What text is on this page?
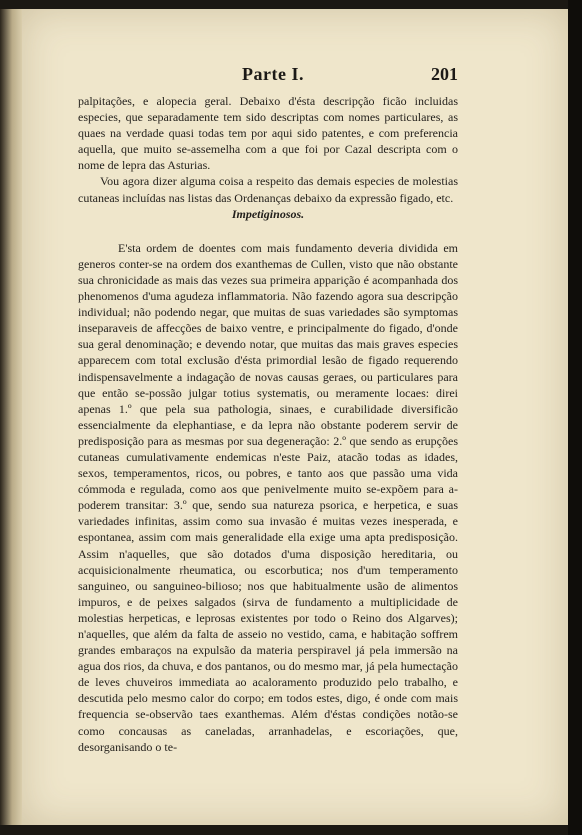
Parte I.	201

palpitações, e alopecia geral. Debaixo d'ésta descripção ficão incluidas especies, que separadamente tem sido descriptas com nomes particulares, as quaes na verdade quasi todas tem por aqui sido patentes, e com preferencia aquella, que muito se-assemelha com a que foi por Cazal descripta com o nome de lepra das Asturias.

Vou agora dizer alguma coisa a respeito das demais especies de molestias cutaneas incluídas nas listas das Ordenanças debaixo da expressão figado, etc.

Impetiginosos.

E'sta ordem de doentes com mais fundamento deveria dividida em generos conter-se na ordem dos exanthemas de Cullen, visto que não obstante sua chronicidade as mais das vezes sua primeira apparição é acompanhada dos phenomenos d'uma agudeza inflammatoria. Não fazendo agora sua descripção individual; não podendo negar, que muitas de suas variedades são symptomas inseparaveis de affecções de baixo ventre, e principalmente do figado, d'onde sua geral denominação; e devendo notar, que muitas das mais graves especies apparecem com total exclusão d'ésta primordial lesão de figado requerendo indispensavelmente a indagação de novas causas geraes, ou particulares para que então se-possão julgar totius systematis, ou meramente locaes: direi apenas 1.º que pela sua pathologia, sinaes, e curabilidade diversificão essencialmente da elephantiase, e da lepra não obstante poderem servir de predisposição para as mesmas por sua degeneração: 2.º que sendo as erupções cutaneas cumulativamente endemicas n'este Paiz, atacão todas as idades, sexos, temperamentos, ricos, ou pobres, e tanto aos que passão uma vida cómmoda e regulada, como aos que penivelmente muito se-expõem para a-poderem transitar: 3.º que, sendo sua natureza psorica, e herpetica, e suas variedades infinitas, assim como sua invasão é muitas vezes inesperada, e espontanea, assim com mais generalidade ella exige uma apta predisposição. Assim n'aquelles, que são dotados d'uma disposição hereditaria, ou acquisicionalmente rheumatica, ou escorbutica; nos d'um temperamento sanguineo, ou sanguineo-bilioso; nos que habitualmente usão de alimentos impuros, e de peixes salgados (sirva de fundamento a multiplicidade de molestias herpeticas, e leprosas existentes por todo o Reino dos Algarves); n'aquelles, que além da falta de asseio no vestido, cama, e habitação soffrem grandes embaraços na expulsão da materia perspiravel já pela immersão na agua dos rios, da chuva, e dos pantanos, ou do mesmo mar, já pela humectação de leves chuveiros immediata ao acaloramento produzido pelo trabalho, e descutida pelo mesmo calor do corpo; em todos estes, digo, é onde com mais frequencia se-observão taes exanthemas. Além d'éstas condições notão-se como concausas as caneladas, arranhadelas, e escoriações, que, desorganisando o te-
